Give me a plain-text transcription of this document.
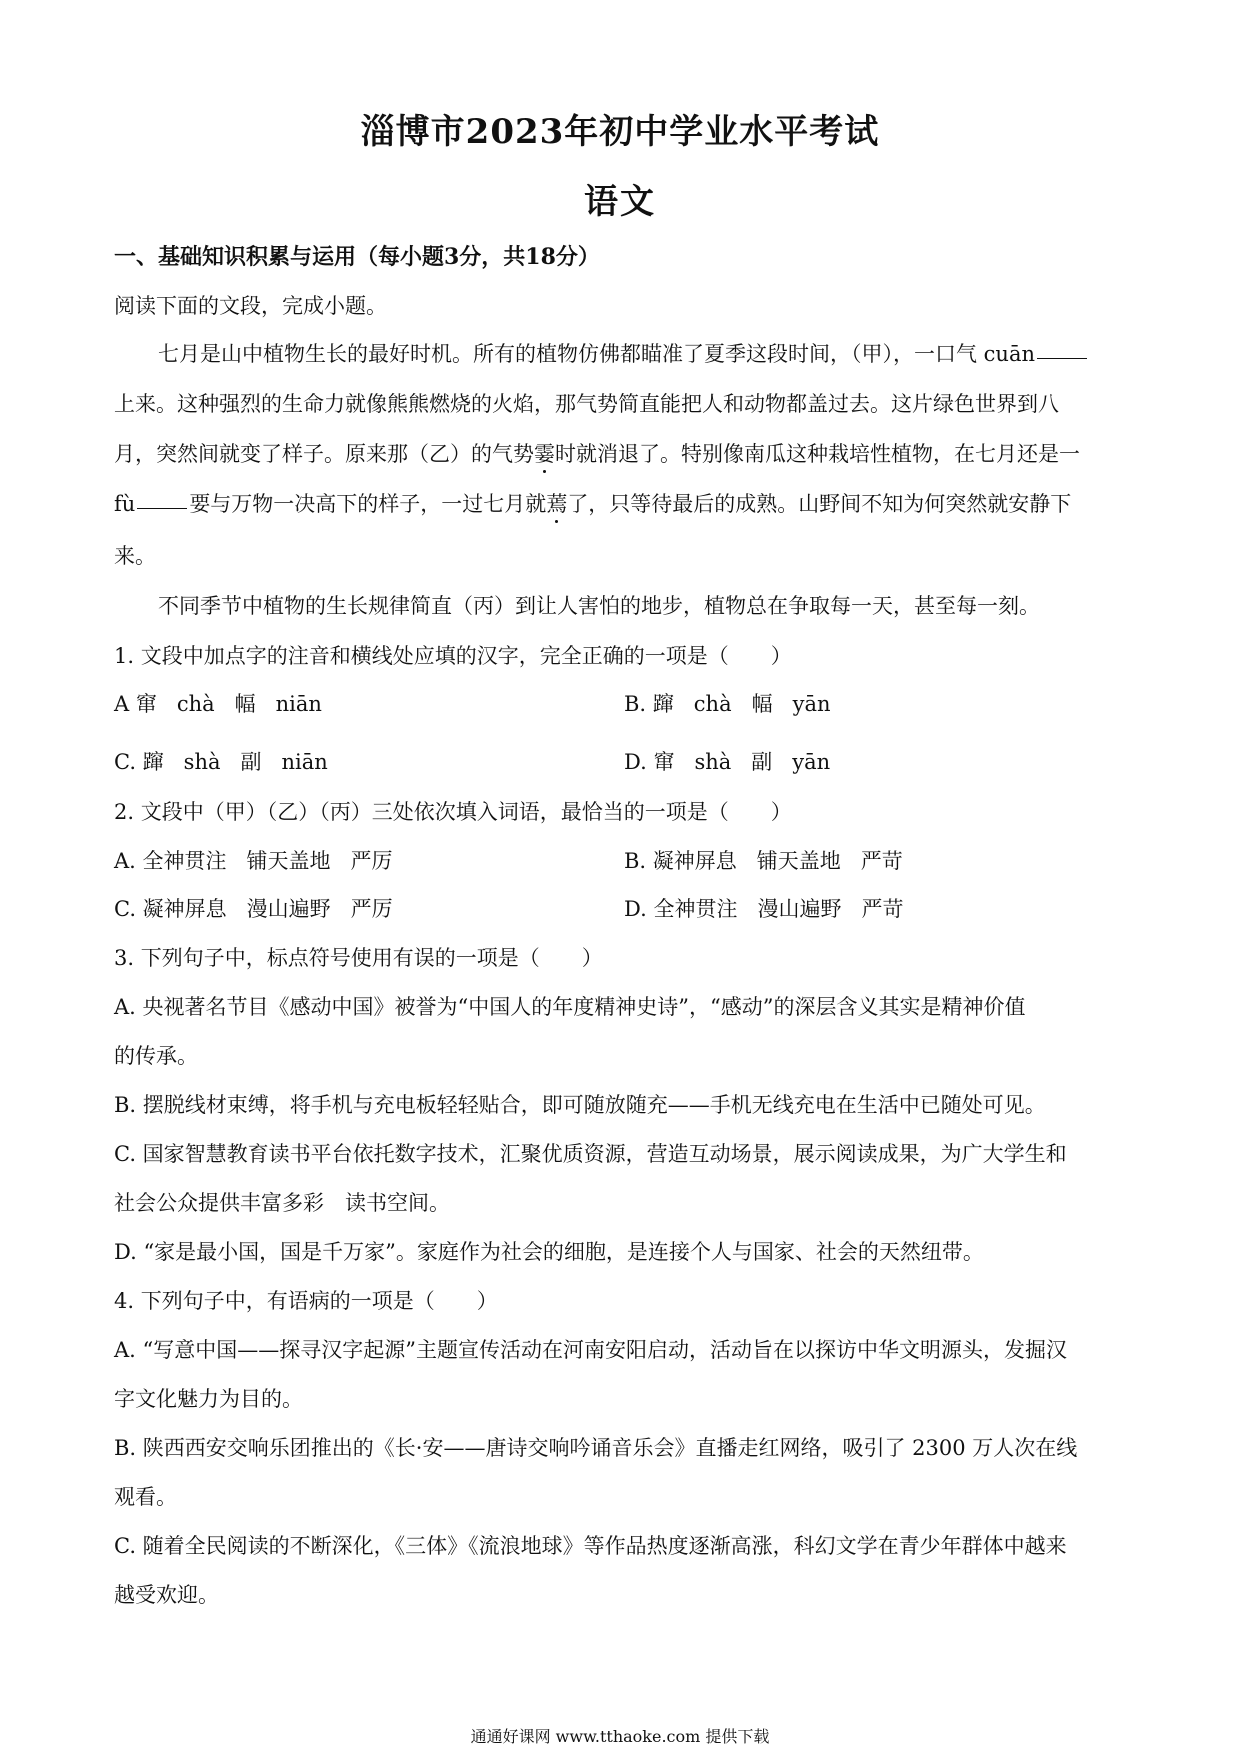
淄博市2023年初中学业水平考试
语文
一、基础知识积累与运用（每小题3分，共18分）
阅读下面的文段，完成小题。
七月是山中植物生长的最好时机。所有的植物仿佛都瞄准了夏季这段时间，（甲），一口气 cuān
上来。这种强烈的生命力就像熊熊燃烧的火焰，那气势简直能把人和动物都盖过去。这片绿色世界到八
月，突然间就变了样子。原来那（乙）的气势霎时就消退了。特别像南瓜这种栽培性植物，在七月还是一
fù	要与万物一决高下的样子，一过七月就蔫了，只等待最后的成熟。山野间不知为何突然就安静下
来。
不同季节中植物的生长规律简直（丙）到让人害怕的地步，植物总在争取每一天，甚至每一刻。
1. 文段中加点字的注音和横线处应填的汉字，完全正确的一项是（　　）
A 窜 chà 幅 niān	B. 蹿 chà 幅 yān
C. 蹿 shà 副 niān	D. 窜 shà 副 yān
2. 文段中（甲）（乙）（丙）三处依次填入词语，最恰当的一项是（　　）
A. 全神贯注 铺天盖地 严厉	B. 凝神屏息 铺天盖地 严苛
C. 凝神屏息 漫山遍野 严厉	D. 全神贯注 漫山遍野 严苛
3. 下列句子中，标点符号使用有误的一项是（　　）
A. 央视著名节目《感动中国》被誉为“中国人的年度精神史诗”，“感动”的深层含义其实是精神价值
的传承。
B. 摆脱线材束缚，将手机与充电板轻轻贴合，即可随放随充——手机无线充电在生活中已随处可见。
C. 国家智慧教育读书平台依托数字技术，汇聚优质资源，营造互动场景，展示阅读成果，为广大学生和
社会公众提供丰富多彩　读书空间。
D. “家是最小国，国是千万家”。家庭作为社会的细胞，是连接个人与国家、社会的天然纽带。
4. 下列句子中，有语病的一项是（　　）
A. “写意中国——探寻汉字起源”主题宣传活动在河南安阳启动，活动旨在以探访中华文明源头，发掘汉
字文化魅力为目的。
B. 陕西西安交响乐团推出的《长·安——唐诗交响吟诵音乐会》直播走红网络，吸引了 2300 万人次在线
观看。
C. 随着全民阅读的不断深化，《三体》《流浪地球》等作品热度逐渐高涨，科幻文学在青少年群体中越来
越受欢迎。
通通好课网 www.tthaoke.com 提供下载
